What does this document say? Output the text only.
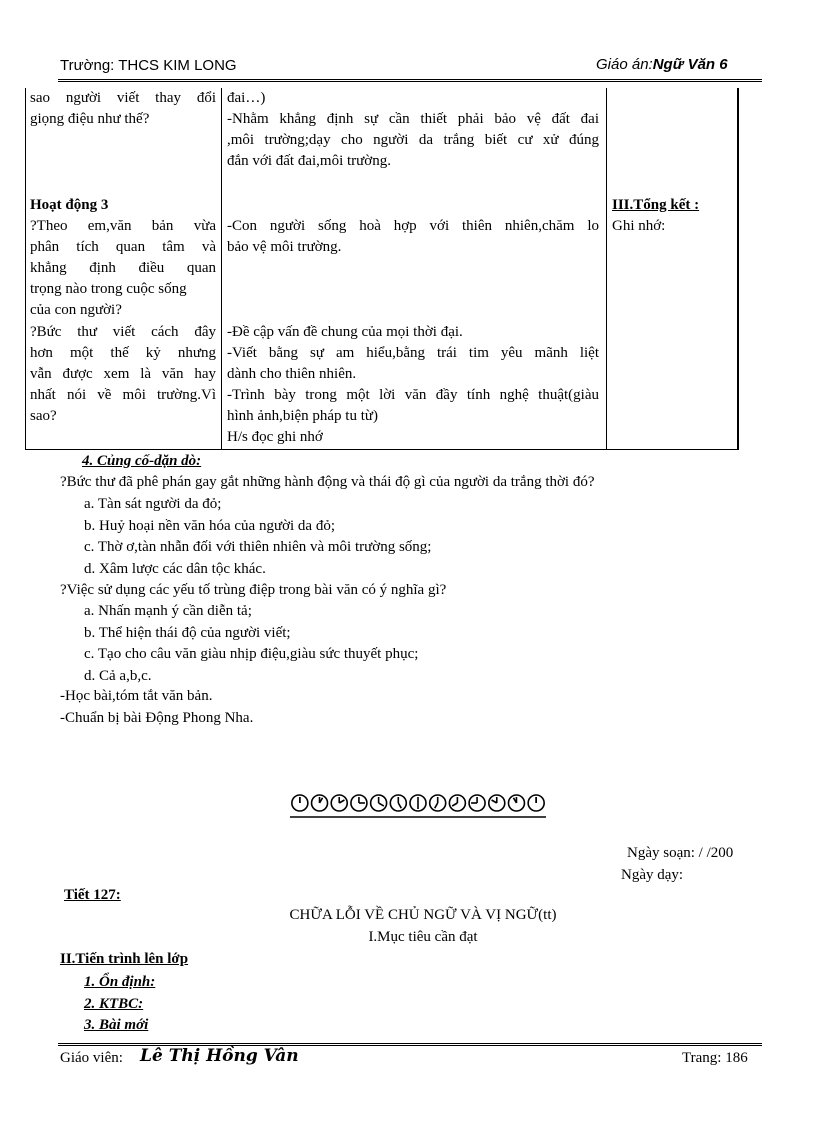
Trường: THCS KIM LONG	Giáo án:Ngữ Văn 6
sao người viết thay đổi
giọng điệu như thế?
Hoạt động 3
?Theo em,văn bản vừa
phân tích quan tâm và
khẳng định điều quan
trọng nào trong cuộc sống
của con người?
?Bức thư viết cách đây
hơn một thế kỷ nhưng
vẫn được xem là văn hay
nhất nói về môi trường.Vì
sao?
đai…)
-Nhằm khẳng định sự cần thiết phải bảo vệ đất đai
,môi trường;dạy cho người da trắng biết cư xử đúng
đắn với đất đai,môi trường.
-Con người sống hoà hợp với thiên nhiên,chăm lo
bảo vệ môi trường.
-Đề cập vấn đề chung của mọi thời đại.
-Viết bằng sự am hiểu,bằng trái tim yêu mãnh liệt
dành cho thiên nhiên.
-Trình bày trong một lời văn đầy tính nghệ thuật(giàu
hình ảnh,biện pháp tu từ)
H/s đọc ghi nhớ
III.Tổng kết :
Ghi nhớ:

4. Củng cố-dặn dò:

?Bức thư đã phê phán gay gắt những hành động và thái độ gì của người da trắng thời đó?

a. Tàn sát người da đỏ;

b. Huỷ hoại nền văn hóa của người da đỏ;

c. Thờ ơ,tàn nhẫn đối với thiên nhiên và môi trường sống;

d. Xâm lược các dân tộc khác.

?Việc sử dụng các yếu tố trùng điệp trong bài văn có ý nghĩa gì?

a. Nhấn mạnh ý cần diễn tả;

b. Thể hiện thái độ của người viết;

c. Tạo cho câu văn giàu nhịp điệu,giàu sức thuyết phục;

d. Cả a,b,c.

-Học bài,tóm tắt văn bản.

-Chuẩn bị bài Động Phong Nha.

Ngày soạn: / /200
Ngày dạy:
Tiết 127:
CHỮA LỖI VỀ CHỦ NGỮ VÀ VỊ NGỮ(tt)
I.Mục tiêu cần đạt
II.Tiến trình lên lớp

1. Ổn định:

2. KTBC:

3. Bài mới

Giáo viên: Lê Thị Hồng Vân	Trang: 186
